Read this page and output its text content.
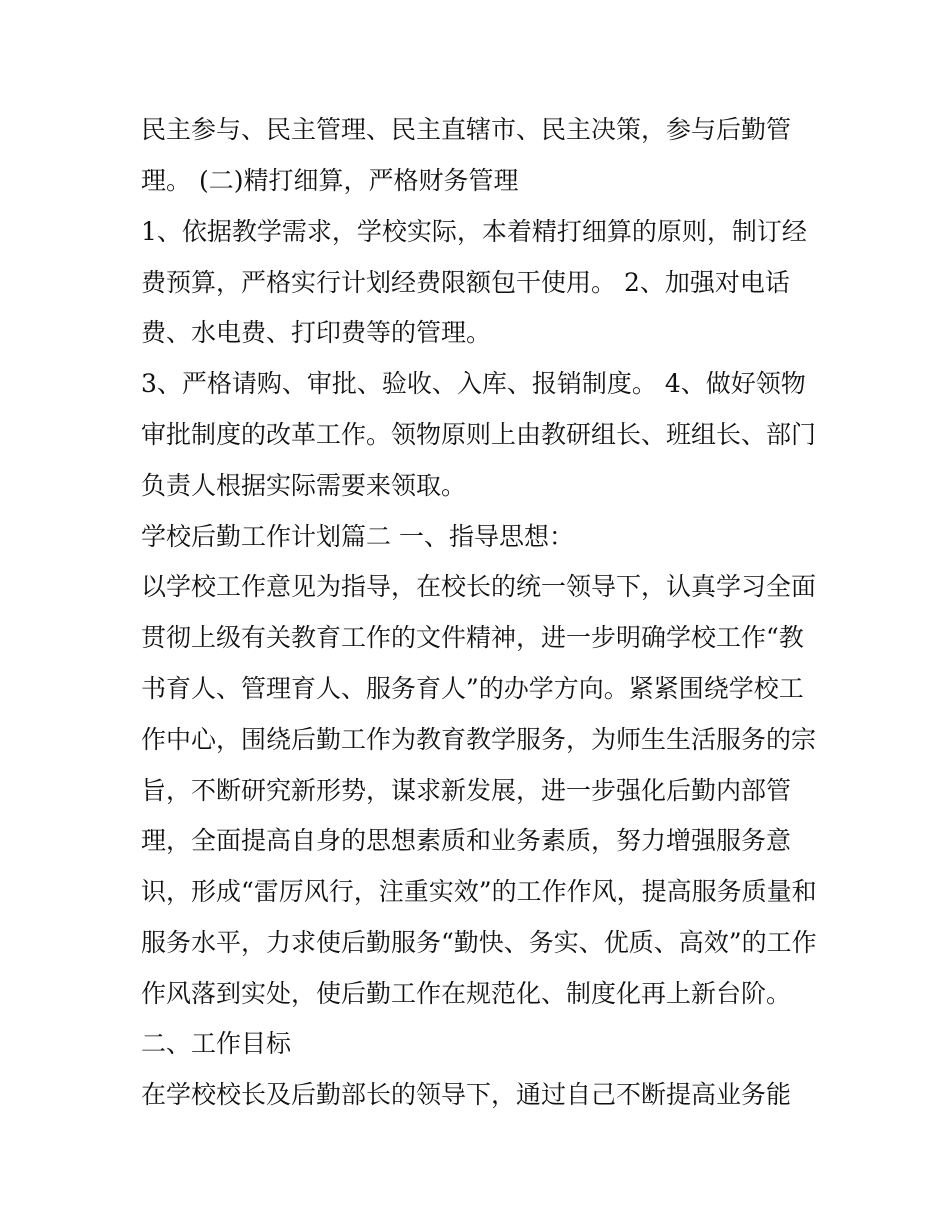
民主参与、民主管理、民主直辖市、民主决策，参与后勤管
理。 (二)精打细算，严格财务管理
1、依据教学需求，学校实际，本着精打细算的原则，制订经
费预算，严格实行计划经费限额包干使用。 2、加强对电话
费、水电费、打印费等的管理。
3、严格请购、审批、验收、入库、报销制度。 4、做好领物
审批制度的改革工作。领物原则上由教研组长、班组长、部门
负责人根据实际需要来领取。
学校后勤工作计划篇二 一、指导思想：
以学校工作意见为指导，在校长的统一领导下，认真学习全面
贯彻上级有关教育工作的文件精神，进一步明确学校工作“教
书育人、管理育人、服务育人”的办学方向。紧紧围绕学校工
作中心，围绕后勤工作为教育教学服务，为师生生活服务的宗
旨，不断研究新形势，谋求新发展，进一步强化后勤内部管
理，全面提高自身的思想素质和业务素质，努力增强服务意
识，形成“雷厉风行，注重实效”的工作作风，提高服务质量和
服务水平，力求使后勤服务“勤快、务实、优质、高效”的工作
作风落到实处，使后勤工作在规范化、制度化再上新台阶。
二、工作目标
在学校校长及后勤部长的领导下，通过自己不断提高业务能
